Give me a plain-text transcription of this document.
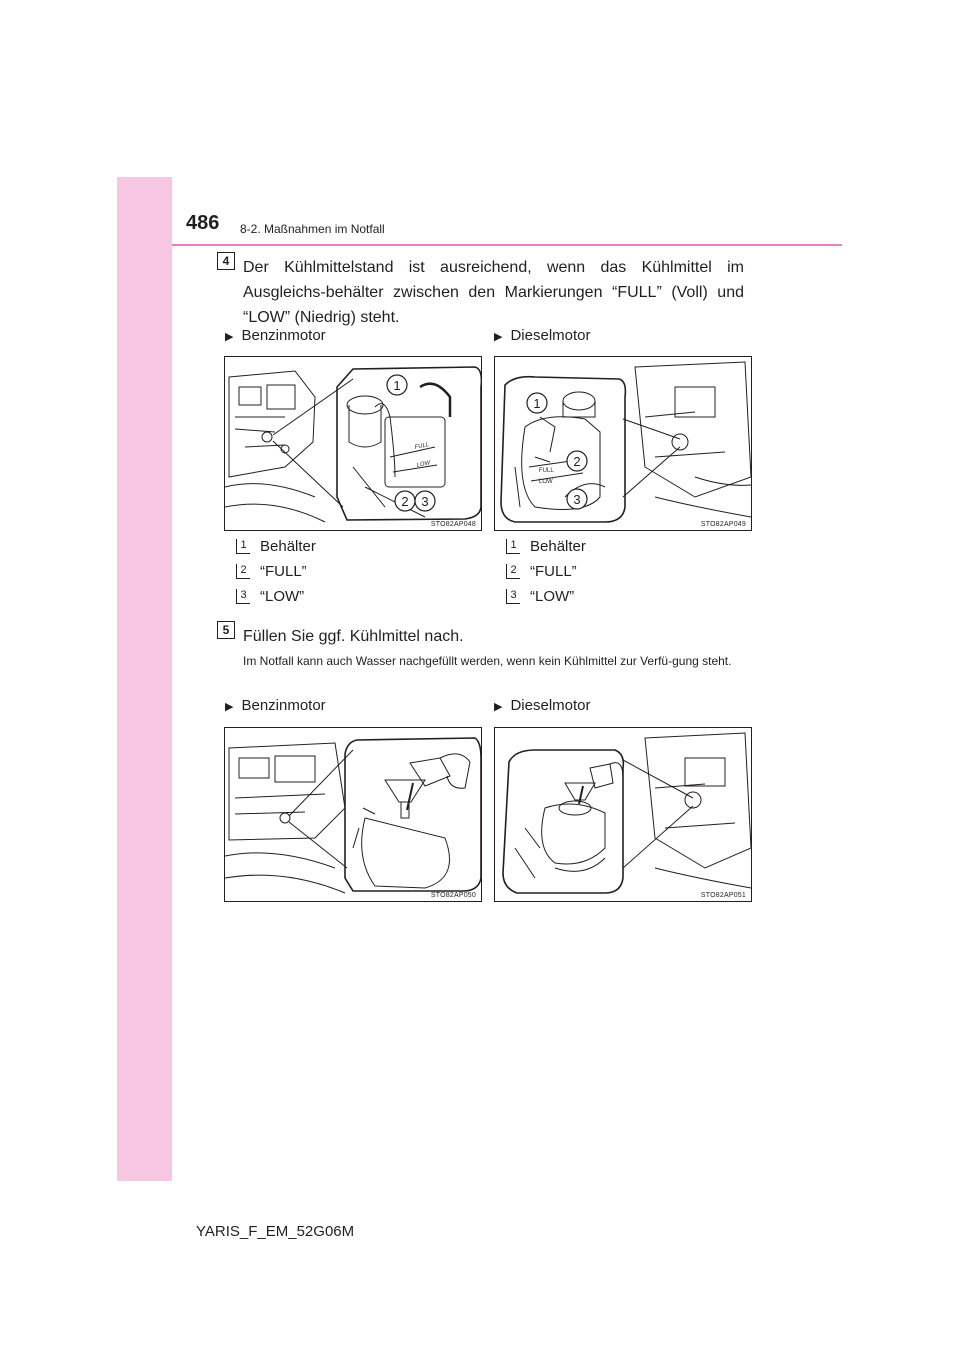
486 8-2. Maßnahmen im Notfall
4 Der Kühlmittelstand ist ausreichend, wenn das Kühlmittel im Ausgleichs-behälter zwischen den Markierungen “FULL” (Voll) und “LOW” (Niedrig) steht.
▶ Benzinmotor	▶ Dieselmotor
FULL
LOW
1
2 3
STO82AP048
FULL
LOW
1
2
3
STO82AP049
1 Behälter
2 “FULL”
3 “LOW”
1 Behälter
2 “FULL”
3 “LOW”
5 Füllen Sie ggf. Kühlmittel nach.
Im Notfall kann auch Wasser nachgefüllt werden, wenn kein Kühlmittel zur Verfü-gung steht.
▶ Benzinmotor	▶ Dieselmotor
STO82AP050	STO82AP051
YARIS_F_EM_52G06M
